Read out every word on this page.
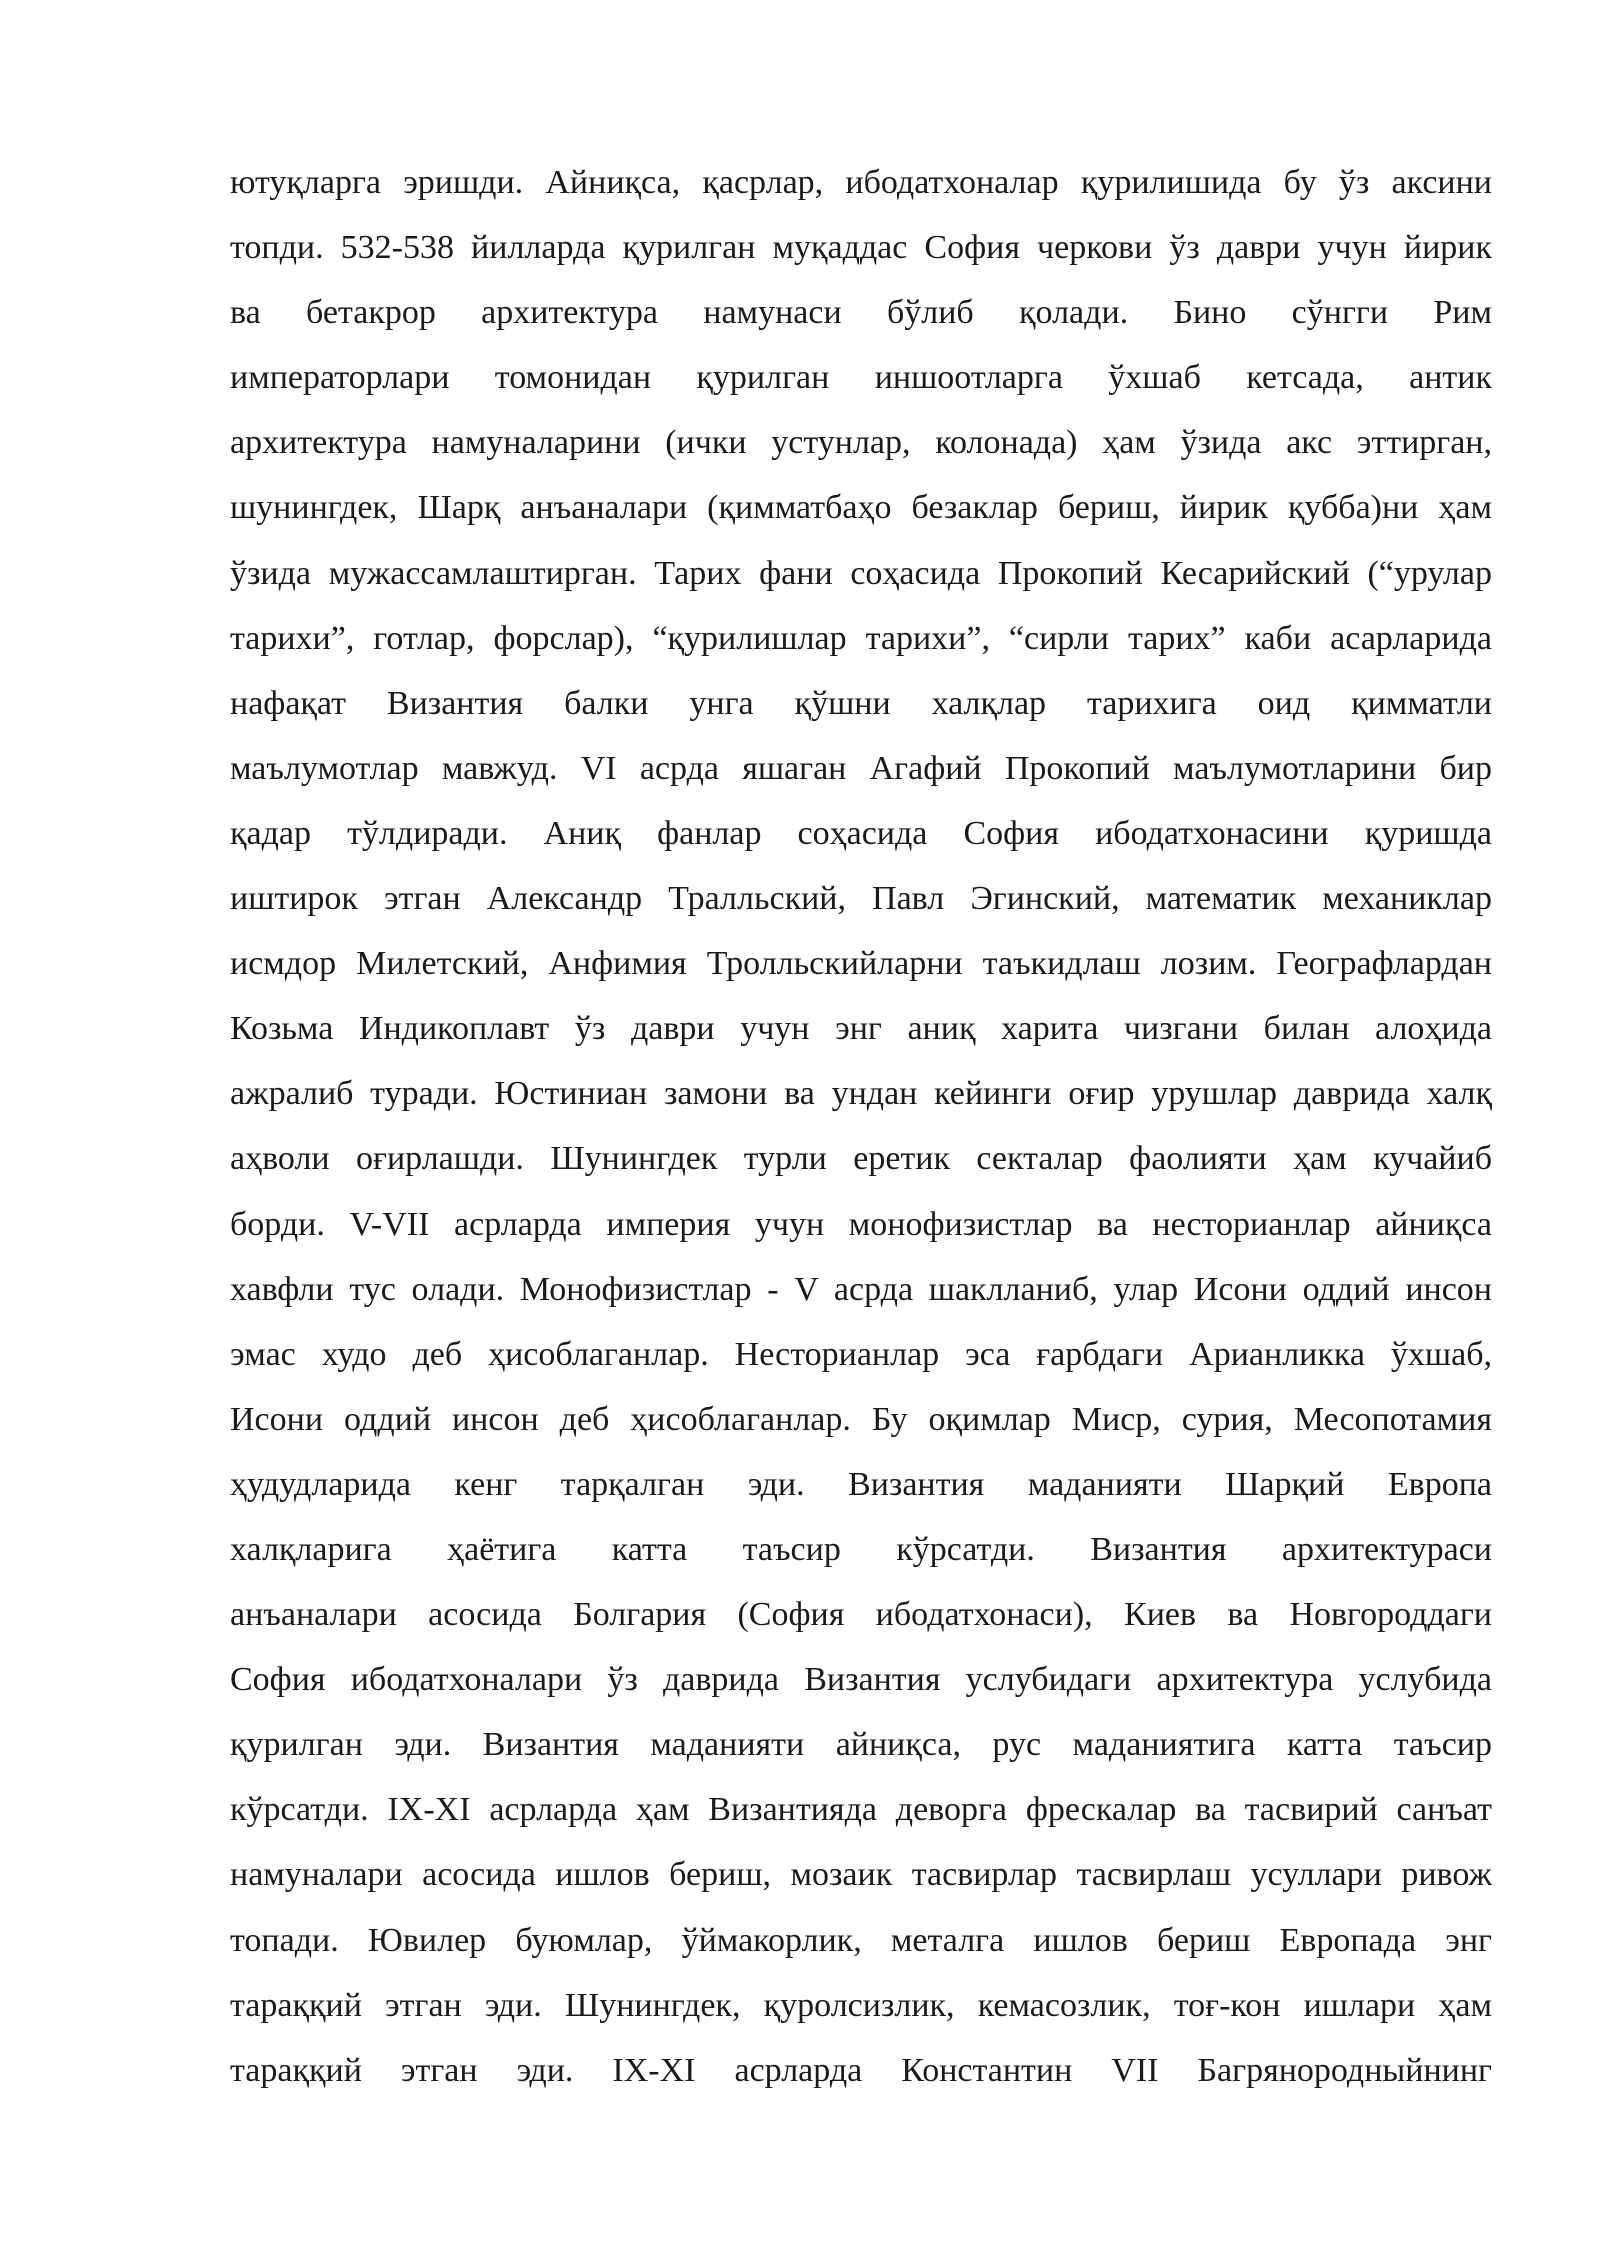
ютуқларга эришди. Айниқса, қасрлар, ибодатхоналар қурилишида бу ўз аксини
топди. 532-538 йилларда қурилган муқаддас София черкови ўз даври учун йирик
ва бетакрор архитектура намунаси бўлиб қолади. Бино сўнгги Рим
императорлари томонидан қурилган иншоотларга ўхшаб кетсада, антик
архитектура намуналарини (ички устунлар, колонада) ҳам ўзида акс эттирган,
шунингдек, Шарқ анъаналари (қимматбаҳо безаклар бериш, йирик қубба)ни ҳам
ўзида мужассамлаштирган. Тарих фани соҳасида Прокопий Кесарийский (“урулар
тарихи”, готлар, форслар), “қурилишлар тарихи”, “сирли тарих” каби асарларида
нафақат Византия балки унга қўшни халқлар тарихига оид қимматли
маълумотлар мавжуд. VI асрда яшаган Агафий Прокопий маълумотларини бир
қадар тўлдиради. Аниқ фанлар соҳасида София ибодатхонасини қуришда
иштирок этган Александр Тралльский, Павл Эгинский, математик механиклар
исмдор Милетский, Анфимия Тролльскийларни таъкидлаш лозим. Географлардан
Козьма Индикоплавт ўз даври учун энг аниқ харита чизгани билан алоҳида
ажралиб туради. Юстиниан замони ва ундан кейинги оғир урушлар даврида халқ
аҳволи оғирлашди. Шунингдек турли еретик секталар фаолияти ҳам кучайиб
борди. V-VII асрларда империя учун монофизистлар ва несторианлар айниқса
хавфли тус олади. Монофизистлар - V асрда шаклланиб, улар Исони оддий инсон
эмас худо деб ҳисоблаганлар. Несторианлар эса ғарбдаги Арианликка ўхшаб,
Исони оддий инсон деб ҳисоблаганлар. Бу оқимлар Миср, сурия, Месопотамия
ҳудудларида кенг тарқалган эди. Византия маданияти Шарқий Европа
халқларига ҳаётига катта таъсир кўрсатди. Византия архитектураси
анъаналари асосида Болгария (София ибодатхонаси), Киев ва Новгороддаги
София ибодатхоналари ўз даврида Византия услубидаги архитектура услубида
қурилган эди. Византия маданияти айниқса, рус маданиятига катта таъсир
кўрсатди. IX-XI асрларда ҳам Византияда деворга фрескалар ва тасвирий санъат
намуналари асосида ишлов бериш, мозаик тасвирлар тасвирлаш усуллари ривож
топади. Ювилер буюмлар, ўймакорлик, металга ишлов бериш Европада энг
тараққий этган эди. Шунингдек, қуролсизлик, кемасозлик, тоғ-кон ишлари ҳам
тараққий этган эди. IX-XI асрларда Константин VII Багрянородныйнинг
